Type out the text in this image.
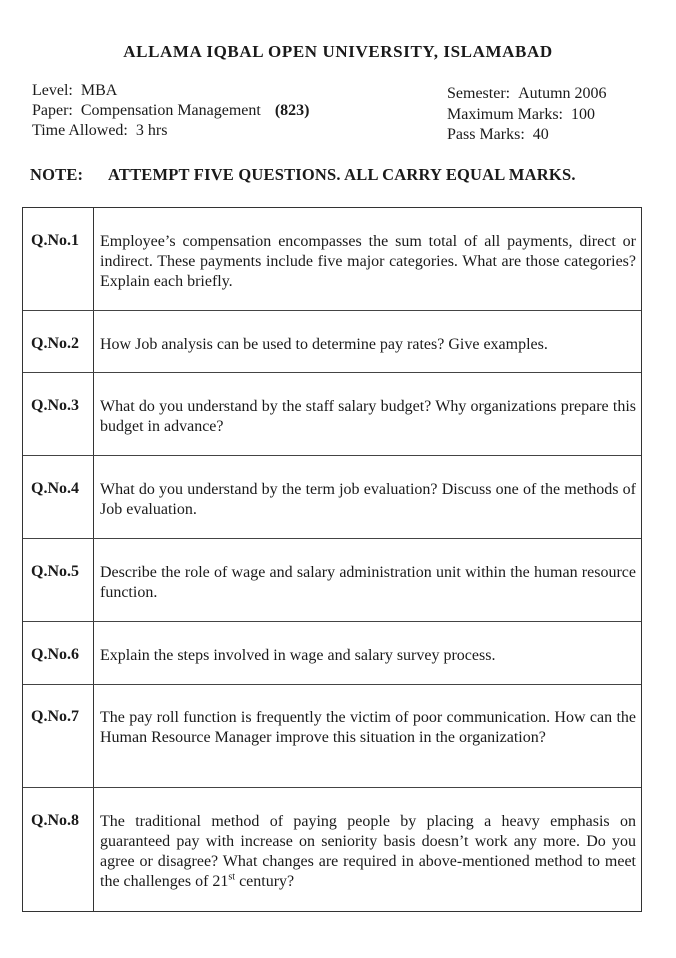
ALLAMA IQBAL OPEN UNIVERSITY, ISLAMABAD
Level: MBA
Paper: Compensation Management (823)
Time Allowed: 3 hrs
Semester: Autumn 2006
Maximum Marks: 100
Pass Marks: 40
NOTE: ATTEMPT FIVE QUESTIONS. ALL CARRY EQUAL MARKS.
Q.No.1 Employee’s compensation encompasses the sum total of all payments, direct or indirect. These payments include five major categories. What are those categories? Explain each briefly.
Q.No.2 How Job analysis can be used to determine pay rates? Give examples.
Q.No.3 What do you understand by the staff salary budget? Why organizations prepare this budget in advance?
Q.No.4 What do you understand by the term job evaluation? Discuss one of the methods of Job evaluation.
Q.No.5 Describe the role of wage and salary administration unit within the human resource function.
Q.No.6 Explain the steps involved in wage and salary survey process.
Q.No.7 The pay roll function is frequently the victim of poor communication. How can the Human Resource Manager improve this situation in the organization?
Q.No.8 The traditional method of paying people by placing a heavy emphasis on guaranteed pay with increase on seniority basis doesn’t work any more. Do you agree or disagree? What changes are required in above-mentioned method to meet the challenges of 21st century?
